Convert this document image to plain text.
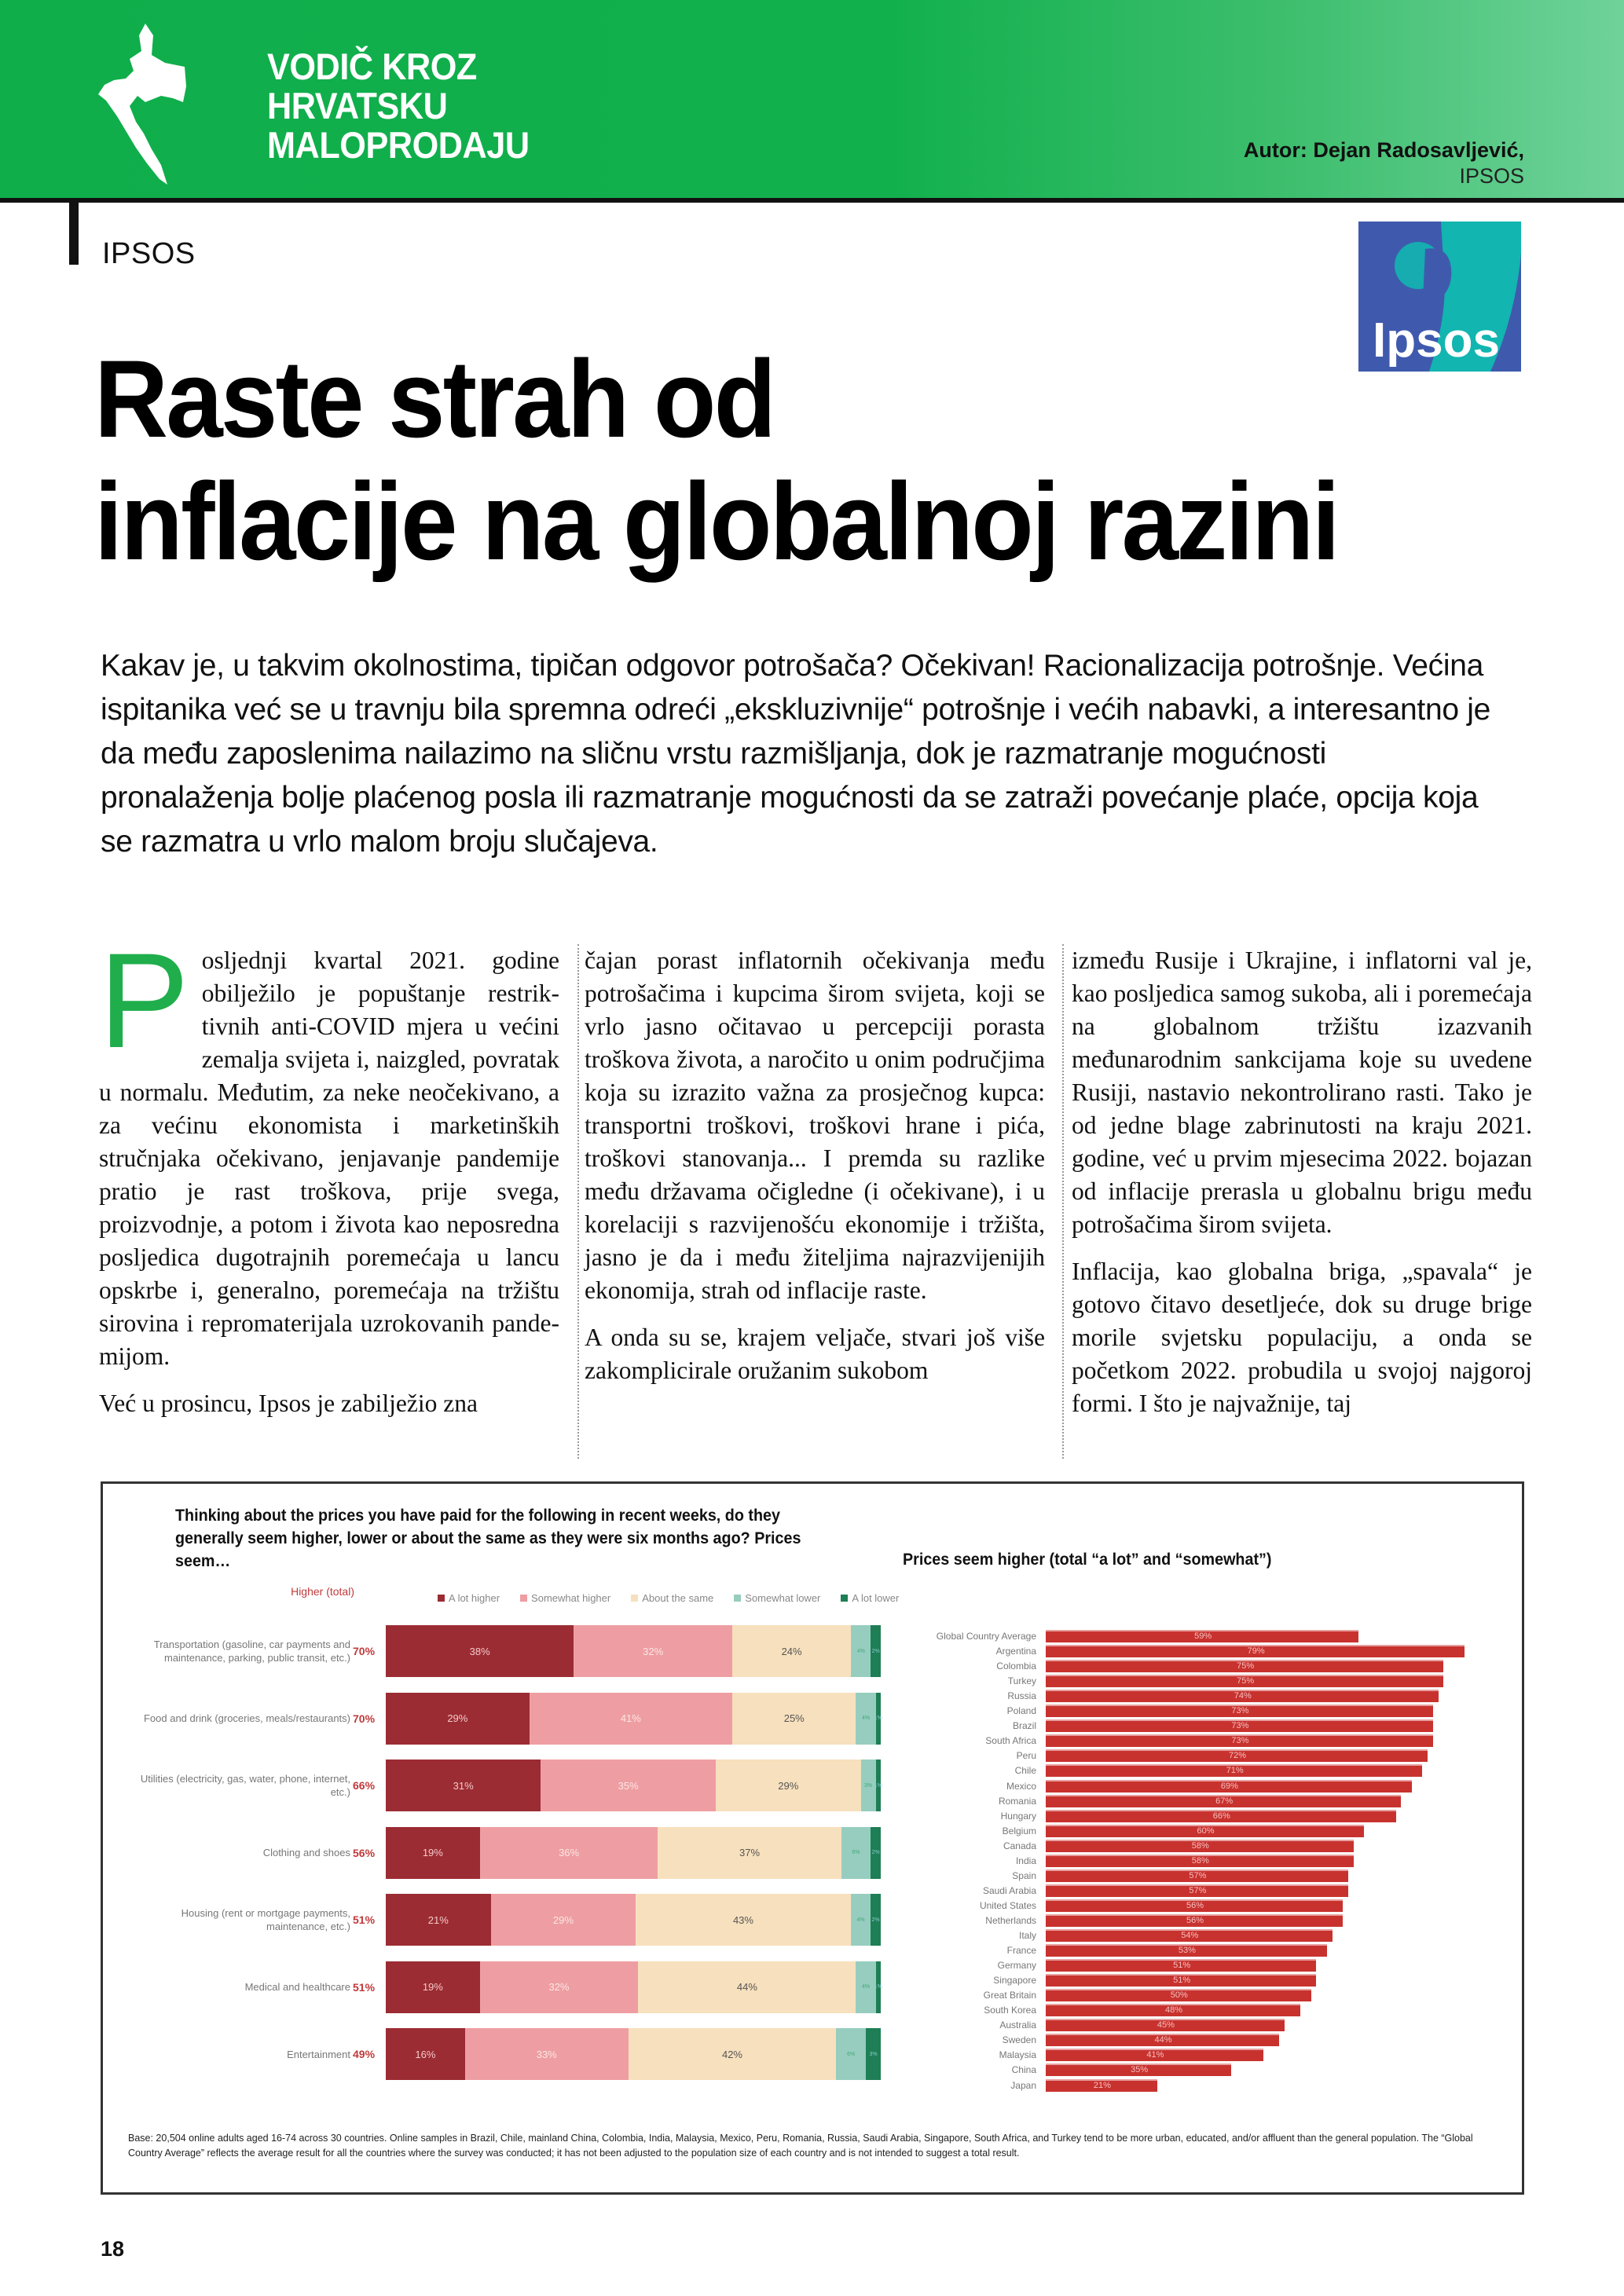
VODIČ KROZ
HRVATSKU
MALOPRODAJU	Autor: Dejan Radosavljević,
IPSOS
IPSOS
Ipsos
Raste strah od
inflacije na globalnoj razini
Kakav je, u takvim okolnostima, tipičan odgovor potrošača? Očekivan! Racionalizacija potrošnje. Većina ispitanika već se u travnju bila spremna odreći „ekskluzivnije“ potrošnje i većih nabavki, a interesantno je da među zaposlenima nailazimo na sličnu vrstu razmišljanja, dok je razmatranje mogućnosti pronalaženja bolje plaćenog posla ili razmatranje mogućnosti da se zatraži povećanje plaće, opcija koja se razmatra u vrlo malom broju slučajeva.

Posljednji kvartal 2021. godine obilježilo je popuštanje restriktivnih anti-COVID mjera u većini zemalja svijeta i, naizgled, povratak u normalu. Međutim, za neke neočekivano, a za većinu ekonomista i marketinških stručnjaka očekivano, jenjavanje pandemije pratio je rast troškova, prije svega, proizvodnje, a potom i života kao neposredna posljedica dugotrajnih poremećaja u lancu opskrbe i, generalno, poremećaja na tržištu sirovina i repromaterijala uzrokovanih pandemijom.

Već u prosincu, Ipsos je zabilježio zna

čajan porast inflatornih očekivanja među potrošačima i kupcima širom svijeta, koji se vrlo jasno očitavao u percepciji porasta troškova života, a naročito u onim područjima koja su izrazito važna za prosječnog kupca: transportni troškovi, troškovi hrane i pića, troškovi stanovanja... I premda su razlike među državama očigledne (i očekivane), i u korelaciji s razvijenošću ekonomije i tržišta, jasno je da i među žiteljima najrazvijenijih ekonomija, strah od inflacije raste.

A onda su se, krajem veljače, stvari još više zakomplicirale oružanim sukobom

između Rusije i Ukrajine, i inflatorni val je, kao posljedica samog sukoba, ali i poremećaja na globalnom tržištu izazvanih međunarodnim sankcijama koje su uvedene Rusiji, nastavio nekontrolirano rasti. Tako je od jedne blage zabrinutosti na kraju 2021. godine, već u prvim mjesecima 2022. bojazan od inflacije prerasla u globalnu brigu među potrošačima širom svijeta.

Inflacija, kao globalna briga, „spavala“ je gotovo čitavo desetljeće, dok su druge brige morile svjetsku populaciju, a onda se početkom 2022. probudila u svojoj najgoroj formi. I što je najvažnije, taj

Thinking about the prices you have paid for the following in recent weeks, do they generally seem higher, lower or about the same as they were six months ago? Prices seem…	Prices seem higher (total “a lot” and “somewhat”)
Higher (total)
A lot higher	Somewhat higher	About the same	Somewhat lower	A lot lower
Transportation (gasoline, car payments and maintenance, parking, public transit, etc.)
70%	38%	32%	24%	4%	2%
Food and drink (groceries, meals/restaurants) 70%	29%	41%	25%	4% 1%
Utilities (electricity, gas, water, phone, internet, etc.)
66%	31%	35%	29%	3% 1%
Clothing and shoes 56%	19%	36%	37%	6%	2%
Housing (rent or mortgage payments, maintenance, etc.)
51%	21%	29%	43%	4%	2%
Medical and healthcare 51%	19%	32%	44%	4% 1%
Entertainment 49%	16%	33%	42%	6%	3%
Global Country Average	59%
Argentina	79%
Colombia	75%
Turkey	75%
Russia	74%
Poland	73%
Brazil	73%
South Africa	73%
Peru	72%
Chile	71%
Mexico	69%
Romania	67%
Hungary	66%
Belgium	60%
Canada	58%
India	58%
Spain	57%
Saudi Arabia	57%
United States	56%
Netherlands	56%
Italy	54%
France	53%
Germany	51%
Singapore	51%
Great Britain	50%
South Korea	48%
Australia	45%
Sweden	44%
Malaysia	41%
China	35%
Japan	21%
Base: 20,504 online adults aged 16-74 across 30 countries. Online samples in Brazil, Chile, mainland China, Colombia, India, Malaysia, Mexico, Peru, Romania, Russia, Saudi Arabia, Singapore, South Africa, and Turkey tend to be more urban, educated, and/or affluent than the general population. The “Global Country Average” reflects the average result for all the countries where the survey was conducted; it has not been adjusted to the population size of each country and is not intended to suggest a total result.
18
